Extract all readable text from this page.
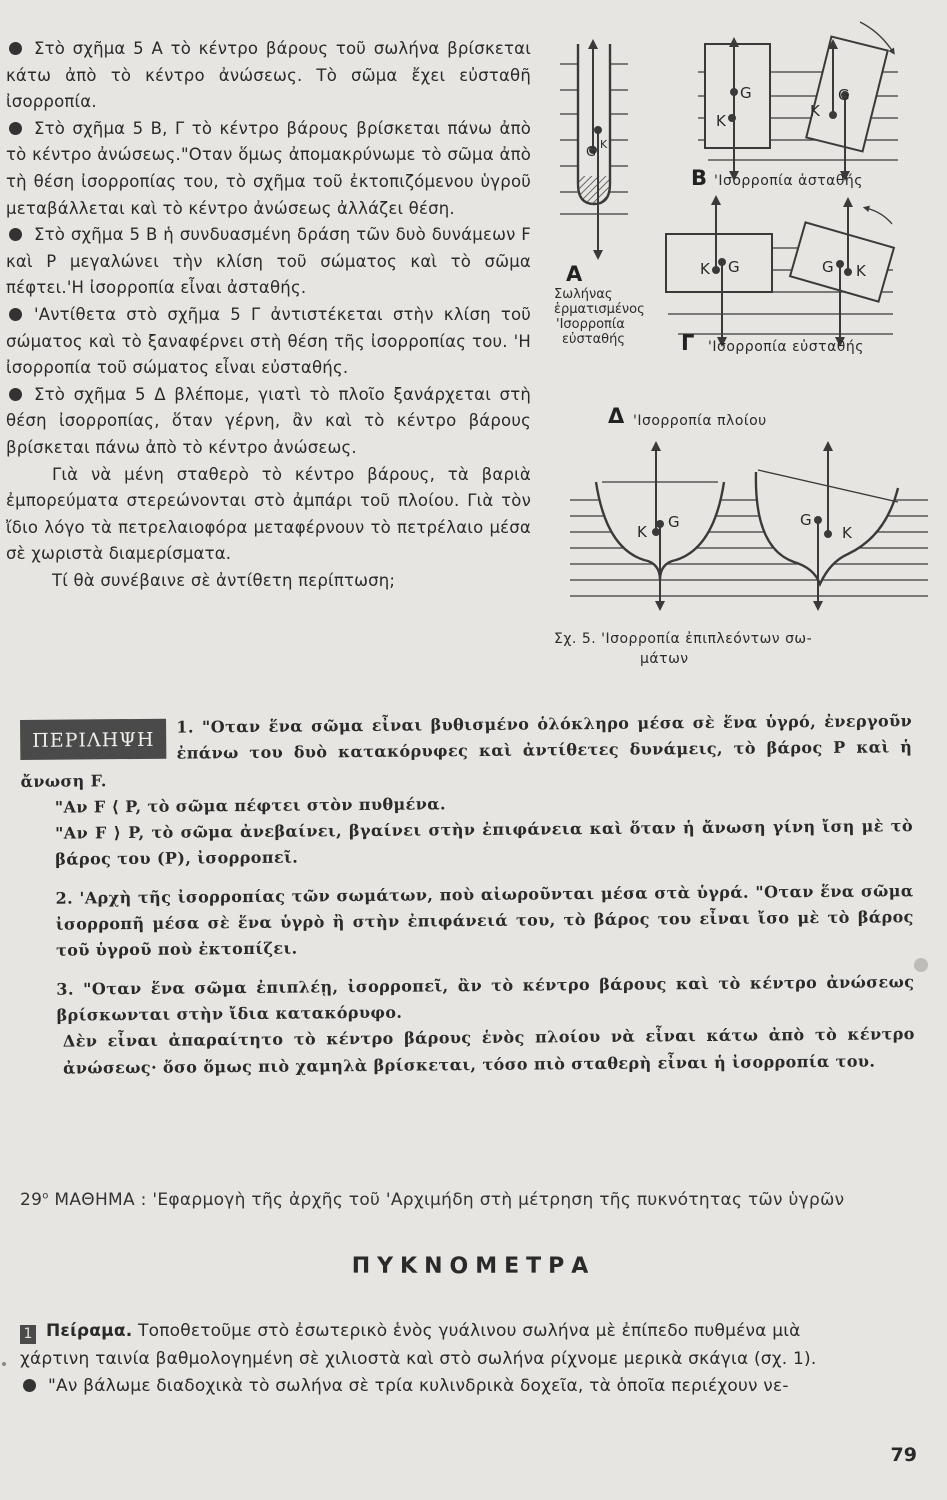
Στὸ σχῆμα 5 Α τὸ κέντρο βάρους τοῦ σωλήνα βρίσκεται κάτω ἀπὸ τὸ κέντρο ἀνώσεως. Τὸ σῶμα ἔχει εὐσταθῆ ἰσορροπία.

Στὸ σχῆμα 5 Β, Γ τὸ κέντρο βάρους βρίσκεται πάνω ἀπὸ τὸ κέντρο ἀνώσεως."Οταν ὅμως ἀπομακρύνωμε τὸ σῶμα ἀπὸ τὴ θέση ἰσορροπίας του, τὸ σχῆμα τοῦ ἐκτοπιζόμενου ὑγροῦ μεταβάλλεται καὶ τὸ κέντρο ἀνώσεως ἀλλάζει θέση.

Στὸ σχῆμα 5 Β ἡ συνδυασμένη δράση τῶν δυὸ δυνάμεων F καὶ P μεγαλώνει τὴν κλίση τοῦ σώματος καὶ τὸ σῶμα πέφτει.'Η ἰσορροπία εἶναι ἀσταθής.

'Αντίθετα στὸ σχῆμα 5 Γ ἀντιστέκεται στὴν κλίση τοῦ σώματος καὶ τὸ ξαναφέρνει στὴ θέση τῆς ἰσορροπίας του. 'Η ἰσορροπία τοῦ σώματος εἶναι εὐσταθής.

Στὸ σχῆμα 5 Δ βλέπομε, γιατὶ τὸ πλοῖο ξανάρχεται στὴ θέση ἰσορροπίας, ὅταν γέρνη, ἂν καὶ τὸ κέντρο βάρους βρίσκεται πάνω ἀπὸ τὸ κέντρο ἀνώσεως.

Γιὰ νὰ μένη σταθερὸ τὸ κέντρο βάρους, τὰ βαριὰ ἐμπορεύματα στερεώνονται στὸ ἀμπάρι τοῦ πλοίου. Γιὰ τὸν ἴδιο λόγο τὰ πετρελαιοφόρα μεταφέρνουν τὸ πετρέλαιο μέσα σὲ χωριστὰ διαμερίσματα.

Τί θὰ συνέβαινε σὲ ἀντίθετη περίπτωση;

G
K
A
Σωλήνας
ἑρματισμένος
'Ισορροπία
εὐσταθής
G
K
G
K
B 'Ισορροπία ἀσταθής
K G	G K
Γ 'Ισορροπία εὐσταθής
Δ 'Ισορροπία πλοίου
K
G	G
K
Σχ. 5. 'Ισορροπία ἐπιπλεόντων σω-
μάτων

ΠΕΡΙΛΗΨΗ
1. "Οταν ἕνα σῶμα εἶναι βυθισμένο ὁλόκληρο μέσα σὲ ἕνα ὑγρό, ἐνεργοῦν ἐπάνω του δυὸ κατακόρυφες καὶ ἀντίθετες δυνάμεις, τὸ βάρος P καὶ ἡ ἄνωση F.

"Αν F ⟨ P, τὸ σῶμα πέφτει στὸν πυθμένα.

"Αν F ⟩ P, τὸ σῶμα ἀνεβαίνει, βγαίνει στὴν ἐπιφάνεια καὶ ὅταν ἡ ἄνωση γίνη ἴση μὲ τὸ βάρος του (P), ἰσορροπεῖ.

2. 'Αρχὴ τῆς ἰσορροπίας τῶν σωμάτων, ποὺ αἰωροῦνται μέσα στὰ ὑγρά. "Οταν ἕνα σῶμα ἰσορροπῆ μέσα σὲ ἕνα ὑγρὸ ἢ στὴν ἐπιφάνειά του, τὸ βάρος του εἶναι ἴσο μὲ τὸ βάρος τοῦ ὑγροῦ ποὺ ἐκτοπίζει.

3. "Οταν ἕνα σῶμα ἐπιπλέῃ, ἰσορροπεῖ, ἂν τὸ κέντρο βάρους καὶ τὸ κέντρο ἀνώσεως βρίσκωνται στὴν ἴδια κατακόρυφο.

Δὲν εἶναι ἀπαραίτητο τὸ κέντρο βάρους ἑνὸς πλοίου νὰ εἶναι κάτω ἀπὸ τὸ κέντρο ἀνώσεως· ὅσο ὅμως πιὸ χαμηλὰ βρίσκεται, τόσο πιὸ σταθερὴ εἶναι ἡ ἰσορροπία του.

$29^o$ ΜΑΘΗΜΑ : 'Εφαρμογὴ τῆς ἀρχῆς τοῦ 'Αρχιμήδη στὴ μέτρηση τῆς πυκνότητας τῶν ὑγρῶν
ΠΥΚΝΟΜΕΤΡΑ

1 Πείραμα. Τοποθετοῦμε στὸ ἐσωτερικὸ ἑνὸς γυάλινου σωλήνα μὲ ἐπίπεδο πυθμένα μιὰ

χάρτινη ταινία βαθμολογημένη σὲ χιλιοστὰ καὶ στὸ σωλήνα ρίχνομε μερικὰ σκάγια (σχ. 1).

"Αν βάλωμε διαδοχικὰ τὸ σωλήνα σὲ τρία κυλινδρικὰ δοχεῖα, τὰ ὁποῖα περιέχουν νε-

79
